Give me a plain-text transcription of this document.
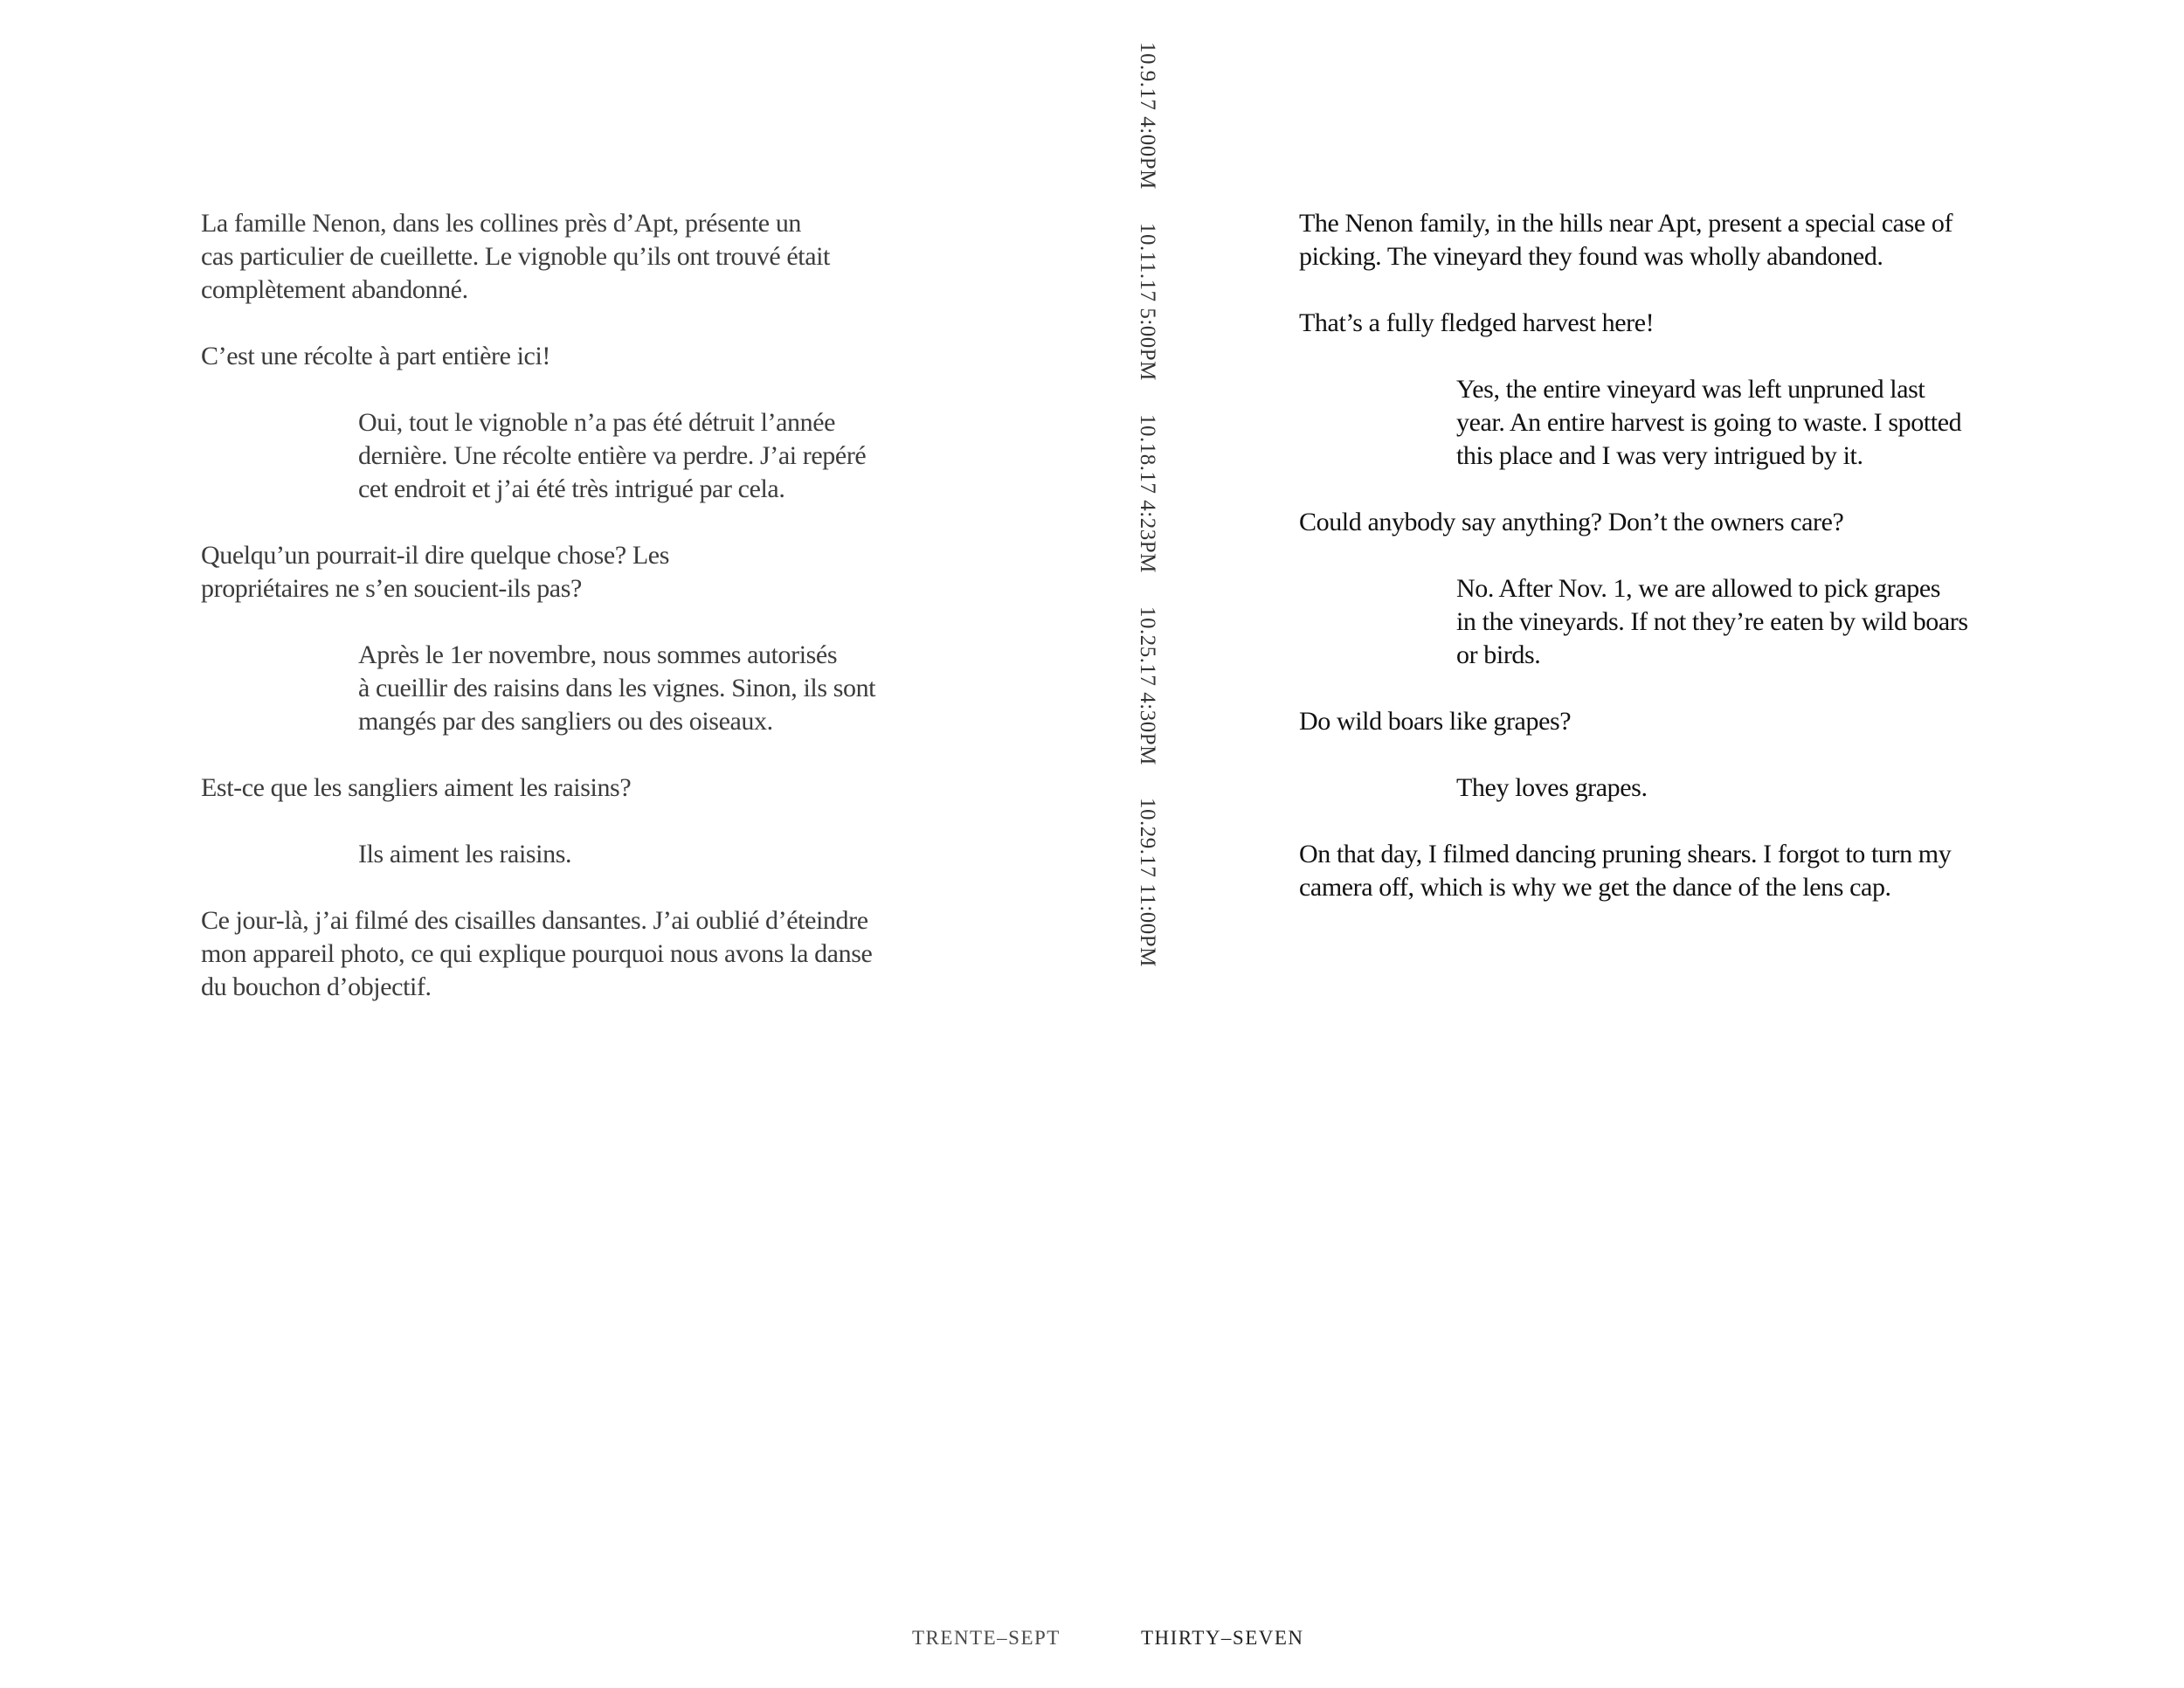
La famille Nenon, dans les collines près d’Apt, présente un
cas particulier de cueillette. Le vignoble qu’ils ont trouvé était
complètement abandonné.
C’est une récolte à part entière ici!
Oui, tout le vignoble n’a pas été détruit l’année
dernière. Une récolte entière va perdre. J’ai repéré
cet endroit et j’ai été très intrigué par cela.
Quelqu’un pourrait-il dire quelque chose? Les
propriétaires ne s’en soucient-ils pas?
Après le 1er novembre, nous sommes autorisés
à cueillir des raisins dans les vignes. Sinon, ils sont
mangés par des sangliers ou des oiseaux.
Est-ce que les sangliers aiment les raisins?
Ils aiment les raisins.
Ce jour-là, j’ai filmé des cisailles dansantes. J’ai oublié d’éteindre
mon appareil photo, ce qui explique pourquoi nous avons la danse
du bouchon d’objectif.
10.9.17 4:00PM10.11.17 5:00PM10.18.17 4:23PM10.25.17 4:30PM10.29.17 11:00PM
The Nenon family, in the hills near Apt, present a special case of
picking. The vineyard they found was wholly abandoned.
That’s a fully fledged harvest here!
Yes, the entire vineyard was left unpruned last
year. An entire harvest is going to waste. I spotted
this place and I was very intrigued by it.
Could anybody say anything? Don’t the owners care?
No. After Nov. 1, we are allowed to pick grapes
in the vineyards. If not they’re eaten by wild boars
or birds.
Do wild boars like grapes?
They loves grapes.
On that day, I filmed dancing pruning shears. I forgot to turn my
camera off, which is why we get the dance of the lens cap.
TRENTE–SEPT	THIRTY–SEVEN
